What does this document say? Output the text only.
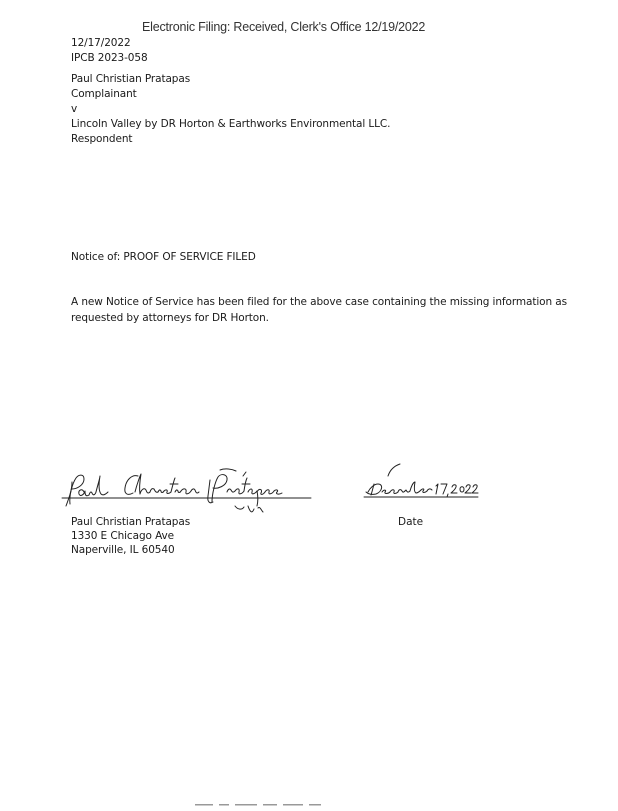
Electronic Filing: Received, Clerk's Office 12/19/2022
12/17/2022
IPCB 2023-058
Paul Christian Pratapas
Complainant
v
Lincoln Valley by DR Horton & Earthworks Environmental LLC.
Respondent
Notice of: PROOF OF SERVICE FILED
A new Notice of Service has been filed for the above case containing the missing information as
requested by attorneys for DR Horton.
Paul Christian Pratapas
1330 E Chicago Ave
Naperville, IL 60540
Date
